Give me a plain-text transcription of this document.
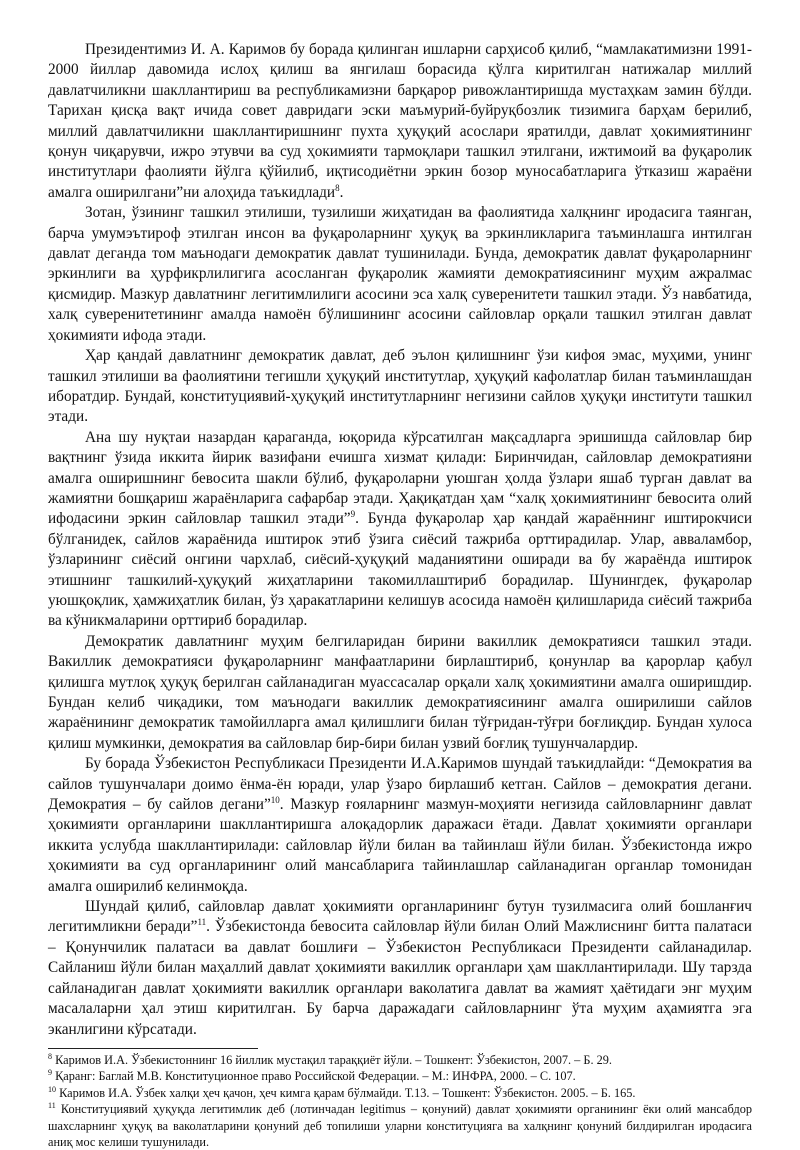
Президентимиз И. А. Каримов бу борада қилинган ишларни сарҳисоб қилиб, “мамлакатимизни 1991-2000 йиллар давомида ислоҳ қилиш ва янгилаш борасида қўлга киритилган натижалар миллий давлатчиликни шакллантириш ва республикамизни барқарор ривожлантиришда мустаҳкам замин бўлди. Тарихан қисқа вақт ичида совет давридаги эски маъмурий-буйруқбозлик тизимига барҳам берилиб, миллий давлатчиликни шакллантиришнинг пухта ҳуқуқий асослари яратилди, давлат ҳокимиятининг қонун чиқарувчи, ижро этувчи ва суд ҳокимияти тармоқлари ташкил этилгани, ижтимоий ва фуқаролик институтлари фаолияти йўлга қўйилиб, иқтисодиётни эркин бозор муносабатларига ўтказиш жараёни амалга оширилгани”ни алоҳида таъкидлади$^8$.

Зотан, ўзининг ташкил этилиши, тузилиши жиҳатидан ва фаолиятида халқнинг иродасига таянган, барча умумэътироф этилган инсон ва фуқароларнинг ҳуқуқ ва эркинликларига таъминлашга интилган давлат деганда том маънодаги демократик давлат тушинилади. Бунда, демократик давлат фуқароларнинг эркинлиги ва ҳурфикрлилигига асосланган фуқаролик жамияти демократиясининг муҳим ажралмас қисмидир. Мазкур давлатнинг легитимлилиги асосини эса халқ суверенитети ташкил этади. Ўз навбатида, халқ суверенитетининг амалда намоён бўлишининг асосини сайловлар орқали ташкил этилган давлат ҳокимияти ифода этади.

Ҳар қандай давлатнинг демократик давлат, деб эълон қилишнинг ўзи кифоя эмас, муҳими, унинг ташкил этилиши ва фаолиятини тегишли ҳуқуқий институтлар, ҳуқуқий кафолатлар билан таъминлашдан иборатдир. Бундай, конституциявий-ҳуқуқий институтларнинг негизини сайлов ҳуқуқи институти ташкил этади.

Ана шу нуқтаи назардан қараганда, юқорида кўрсатилган мақсадларга эришишда сайловлар бир вақтнинг ўзида иккита йирик вазифани ечишга хизмат қилади: Биринчидан, сайловлар демократияни амалга оширишнинг бевосита шакли бўлиб, фуқароларни уюшган ҳолда ўзлари яшаб турган давлат ва жамиятни бошқариш жараёнларига сафарбар этади. Ҳақиқатдан ҳам “халқ ҳокимиятининг бевосита олий ифодасини эркин сайловлар ташкил этади”$^9$. Бунда фуқаролар ҳар қандай жараённинг иштирокчиси бўлганидек, сайлов жараёнида иштирок этиб ўзига сиёсий тажриба орттирадилар. Улар, авваламбор, ўзларининг сиёсий онгини чархлаб, сиёсий-ҳуқуқий маданиятини оширади ва бу жараёнда иштирок этишнинг ташкилий-ҳуқуқий жиҳатларини такомиллаштириб борадилар. Шунингдек, фуқаролар уюшқоқлик, ҳамжиҳатлик билан, ўз ҳаракатларини келишув асосида намоён қилишларида сиёсий тажриба ва кўникмаларини орттириб борадилар.

Демократик давлатнинг муҳим белгиларидан бирини вакиллик демократияси ташкил этади. Вакиллик демократияси фуқароларнинг манфаатларини бирлаштириб, қонунлар ва қарорлар қабул қилишга мутлоқ ҳуқуқ берилган сайланадиган муассасалар орқали халқ ҳокимиятини амалга оширишдир. Бундан келиб чиқадики, том маънодаги вакиллик демократиясининг амалга оширилиши сайлов жараёнининг демократик тамойилларга амал қилишлиги билан тўғридан-тўғри боғлиқдир. Бундан хулоса қилиш мумкинки, демократия ва сайловлар бир-бири билан узвий боғлиқ тушунчалардир.

Бу борада Ўзбекистон Республикаси Президенти И.А.Каримов шундай таъкидлайди: “Демократия ва сайлов тушунчалари доимо ёнма-ён юради, улар ўзаро бирлашиб кетган. Сайлов – демократия дегани. Демократия – бу сайлов дегани”$^{10}$. Мазкур ғояларнинг мазмун-моҳияти негизида сайловларнинг давлат ҳокимияти органларини шакллантиришга алоқадорлик даражаси ётади. Давлат ҳокимияти органлари иккита услубда шакллантирилади: сайловлар йўли билан ва тайинлаш йўли билан. Ўзбекистонда ижро ҳокимияти ва суд органларининг олий мансабларига тайинлашлар сайланадиган органлар томонидан амалга оширилиб келинмоқда.

Шундай қилиб, сайловлар давлат ҳокимияти органларининг бутун тузилмасига олий бошланғич легитимликни беради”$^{11}$. Ўзбекистонда бевосита сайловлар йўли билан Олий Мажлиснинг битта палатаси – Қонунчилик палатаси ва давлат бошлиғи – Ўзбекистон Республикаси Президенти сайланадилар. Сайланиш йўли билан маҳаллий давлат ҳокимияти вакиллик органлари ҳам шакллантирилади. Шу тарзда сайланадиган давлат ҳокимияти вакиллик органлари ваколатига давлат ва жамият ҳаётидаги энг муҳим масалаларни ҳал этиш киритилган. Бу барча даражадаги сайловларнинг ўта муҳим аҳамиятга эга эканлигини кўрсатади.

$^8$ Каримов И.А. Ўзбекистоннинг 16 йиллик мустақил тараққиёт йўли. – Тошкент: Ўзбекистон, 2007. – Б. 29.

$^9$ Қаранг: Баглай М.В. Конституционное право Российской Федерации. – М.: ИНФРА, 2000. – С. 107.

$^{10}$ Каримов И.А. Ўзбек халқи ҳеч қачон, ҳеч кимга қарам бўлмайди. Т.13. – Тошкент: Ўзбекистон. 2005. – Б. 165.

$^{11}$ Конституциявий ҳуқуқда легитимлик деб (лотинчадан legitimus – қонуний) давлат ҳокимияти органининг ёки олий мансабдор шахсларнинг ҳуқуқ ва ваколатларини қонуний деб топилиши уларни конституцияга ва халқнинг қонуний билдирилган иродасига аниқ мос келиши тушунилади.
